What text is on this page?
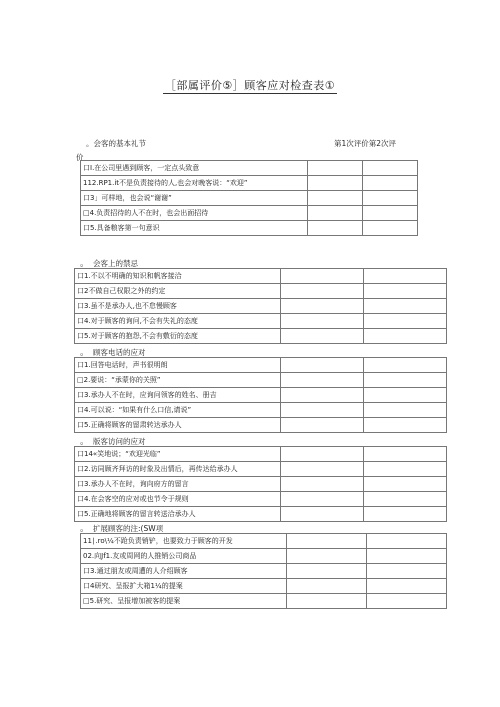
［部属评价⑤］顾客应对检查表①
。会客的基本礼节	第1次评价第2次评
价
口I.在公司里遇到顾客，一定点头致意		
112.RP1.it不是负责接待的人,也会对晚客说：“欢迎”		
口3」可样地，也会说“谢谢”		
□4.负责招待的人不在时，也会出面招待		
口5.具备粮客第一句意识		
。 会客上的禁忌
口1.不以不明确的知识和帆客接洽		
口2不做自己权限之外的约定		
口3.虽不是承办人,也不怠慢顾客		
口4.对于顾客的询问,不会有失礼的态度		
口5.对于顾客的抱怨,不会有敷衍的态度		
。 顾客电话的应对
口1.回答电话时，声书很明朗		
□2.要说：“承蒙你的关照”		
口3.承办人不在时，应询问领客的姓名、册吉		
口4.可以说：“如果有什么口信,请说”		
口5.正确将顾客的留肃转达承办人		
。 版客访问的应对
口14«笑地说；“欢迎光临”		
口2.访同顾齐拜访的时象及出情后，再传达给承办人		
口3.承办人不在时，询向府方的留言		
口4.在会客空的应对或也节令于规则		
口5.正确地将顾客的留言转送洽承办人		
。 扩展顾客的注:(SW项
11∣.ro\¼不跄负责销铲，也要致力于顾客的开发		
02.向Jf1.友或周网的人推销公司商品		
口3.通过朋友或周遭的人介绍顾客		
口4研究、呈报扩大箱1¼的提案		
□5.研究、呈报增加被客的提案		
